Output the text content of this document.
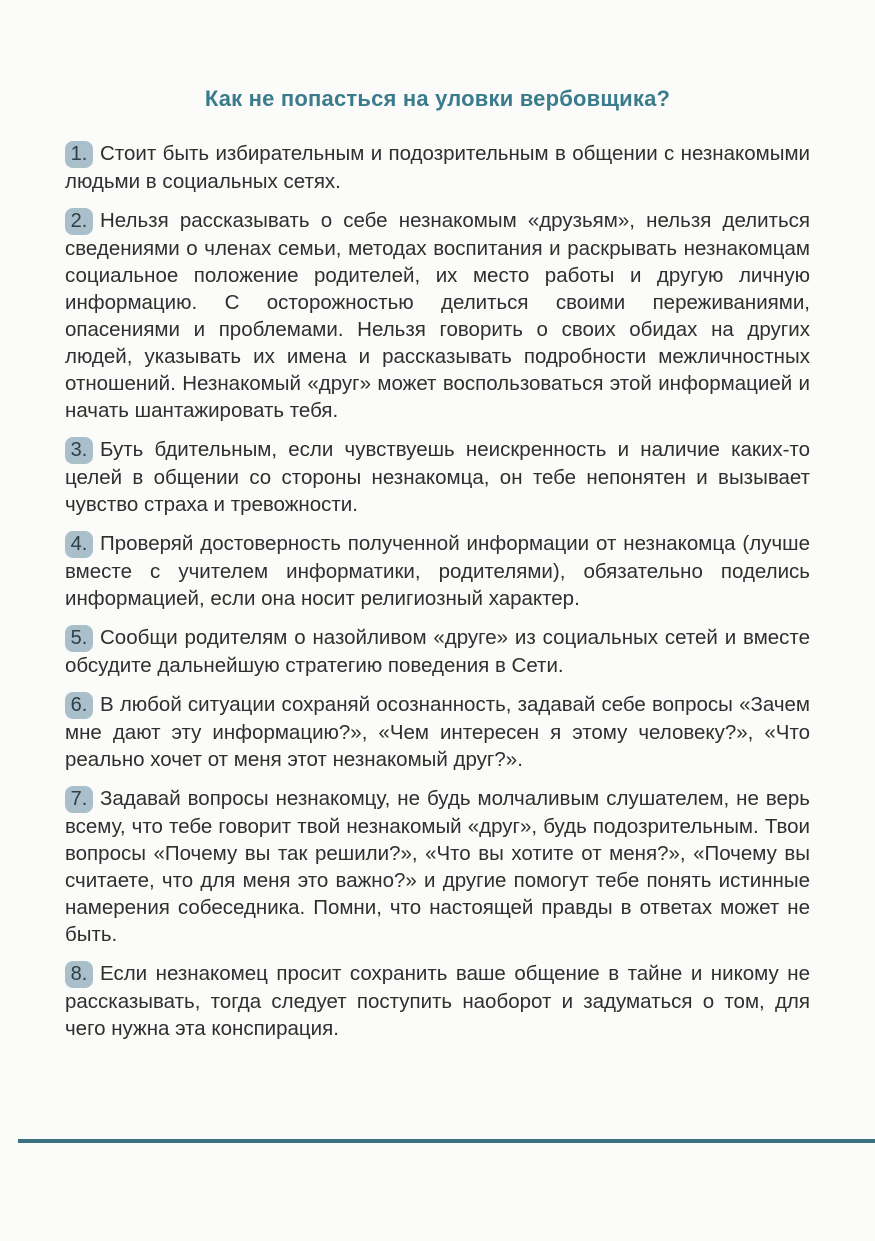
Как не попасться на уловки вербовщика?

1. Стоит быть избирательным и подозрительным в общении с незнакомыми людьми в социальных сетях.

2. Нельзя рассказывать о себе незнакомым «друзьям», нельзя делиться сведениями о членах семьи, методах воспитания и раскрывать незнакомцам социальное положение родителей, их место работы и другую личную информацию. С осторожностью делиться своими переживаниями, опасениями и проблемами. Нельзя говорить о своих обидах на других людей, указывать их имена и рассказывать подробности межличностных отношений. Незнакомый «друг» может воспользоваться этой информацией и начать шантажировать тебя.

3. Буть бдительным, если чувствуешь неискренность и наличие каких-то целей в общении со стороны незнакомца, он тебе непонятен и вызывает чувство страха и тревожности.

4. Проверяй достоверность полученной информации от незнакомца (лучше вместе с учителем информатики, родителями), обязательно поделись информацией, если она носит религиозный характер.

5. Сообщи родителям о назойливом «друге» из социальных сетей и вместе обсудите дальнейшую стратегию поведения в Сети.

6. В любой ситуации сохраняй осознанность, задавай себе вопросы «Зачем мне дают эту информацию?», «Чем интересен я этому человеку?», «Что реально хочет от меня этот незнакомый друг?».

7. Задавай вопросы незнакомцу, не будь молчаливым слушателем, не верь всему, что тебе говорит твой незнакомый «друг», будь подозрительным. Твои вопросы «Почему вы так решили?», «Что вы хотите от меня?», «Почему вы считаете, что для меня это важно?» и другие помогут тебе понять истинные намерения собеседника. Помни, что настоящей правды в ответах может не быть.

8. Если незнакомец просит сохранить ваше общение в тайне и никому не рассказывать, тогда следует поступить наоборот и задуматься о том, для чего нужна эта конспирация.
